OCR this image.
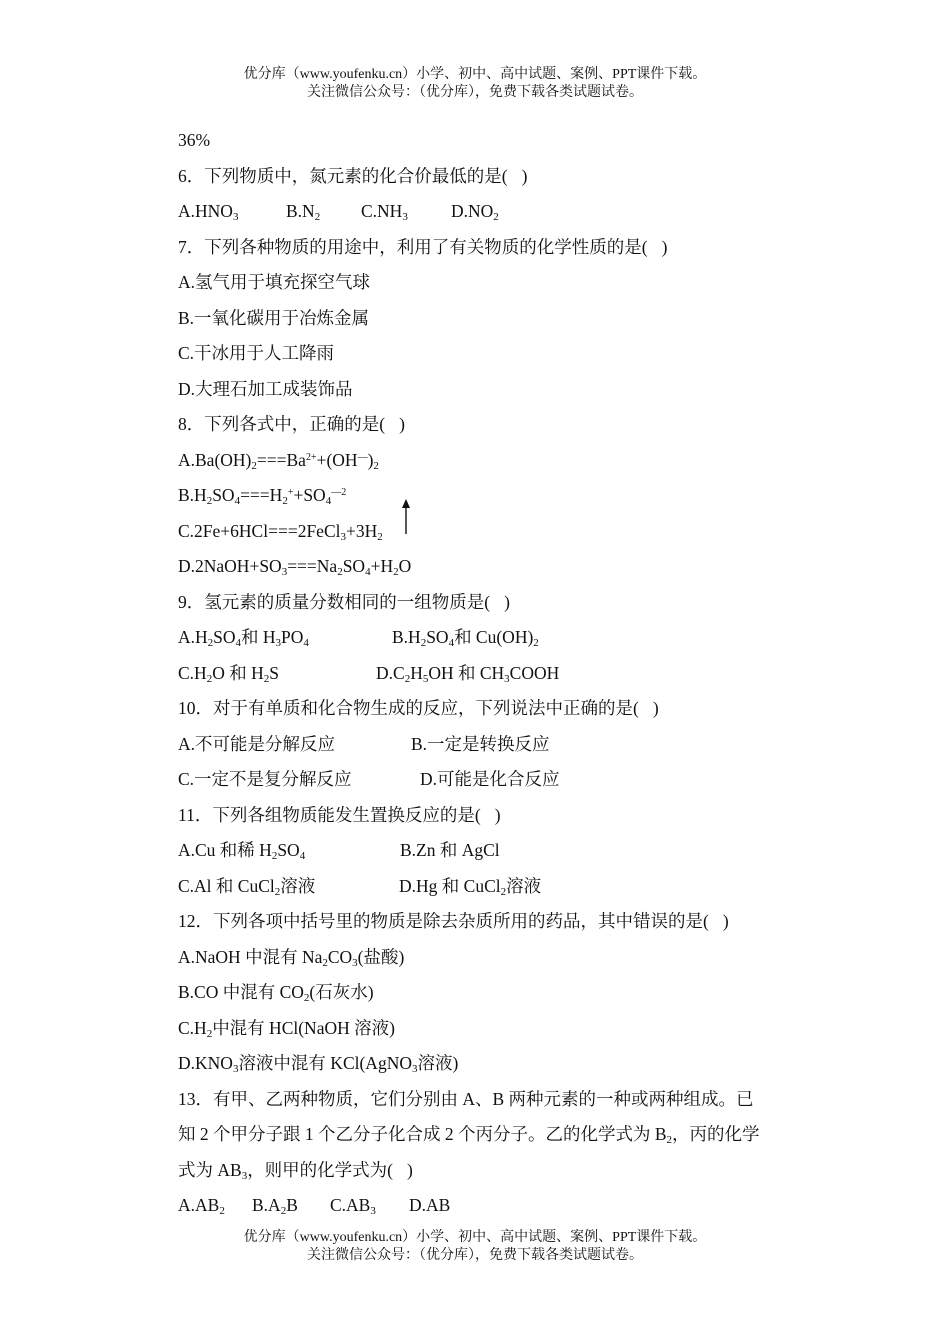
优分库（www.youfenku.cn）小学、初中、高中试题、案例、PPT课件下载。
关注微信公众号：（优分库），免费下载各类试题试卷。
36%
6．下列物质中，氮元素的化合价最低的是( )
$A.HNO_3$	$B.N_2$ $C.NH_3$ $D.NO_2$
7．下列各种物质的用途中，利用了有关物质的化学性质的是( )
A.氢气用于填充探空气球
B.一氧化碳用于冶炼金属
C.干冰用于人工降雨
D.大理石加工成装饰品
8．下列各式中，正确的是( )
$A.Ba(OH)_2===Ba^{2+}+(OH^—)_2$
$B.H_2SO_4===H_2^++SO_4^{—2}$
$C.2Fe+6HCl===2FeCl_3+3H_2$
$D.2NaOH+SO_3===Na_2SO_4+H_2O$
9．氢元素的质量分数相同的一组物质是( )
$A.H_2SO_4$和 $H_3PO_4$	$B.H_2SO_4$和 $Cu(OH)_2$
$C.H_2O$ 和 $H_2S$	$D.C_2H_5OH$ 和 $CH_3COOH$
10．对于有单质和化合物生成的反应，下列说法中正确的是( )
A.不可能是分解反应	B.一定是转换反应
C.一定不是复分解反应	D.可能是化合反应
11．下列各组物质能发生置换反应的是( )
A.Cu 和稀 $H_2SO_4$	B.Zn 和 AgCl
C.Al 和 CuCl$_2$溶液	D.Hg 和 CuCl$_2$溶液
12．下列各项中括号里的物质是除去杂质所用的药品，其中错误的是( )
A.NaOH 中混有 $Na_2CO_3$(盐酸)
B.CO 中混有 $CO_2$(石灰水)
$C.H_2$中混有 HCl(NaOH 溶液)
$D.KNO_3$溶液中混有 KCl(AgNO$_3$溶液)
13．有甲、乙两种物质，它们分别由 A、B 两种元素的一种或两种组成。已
知 2 个甲分子跟 1 个乙分子化合成 2 个丙分子。乙的化学式为 $B_2$，丙的化学
式为 $AB_3$，则甲的化学式为( )
$A.AB_2$ $B.A_2B$ $C.AB_3$ D.AB
优分库（www.youfenku.cn）小学、初中、高中试题、案例、PPT课件下载。
关注微信公众号：（优分库），免费下载各类试题试卷。
